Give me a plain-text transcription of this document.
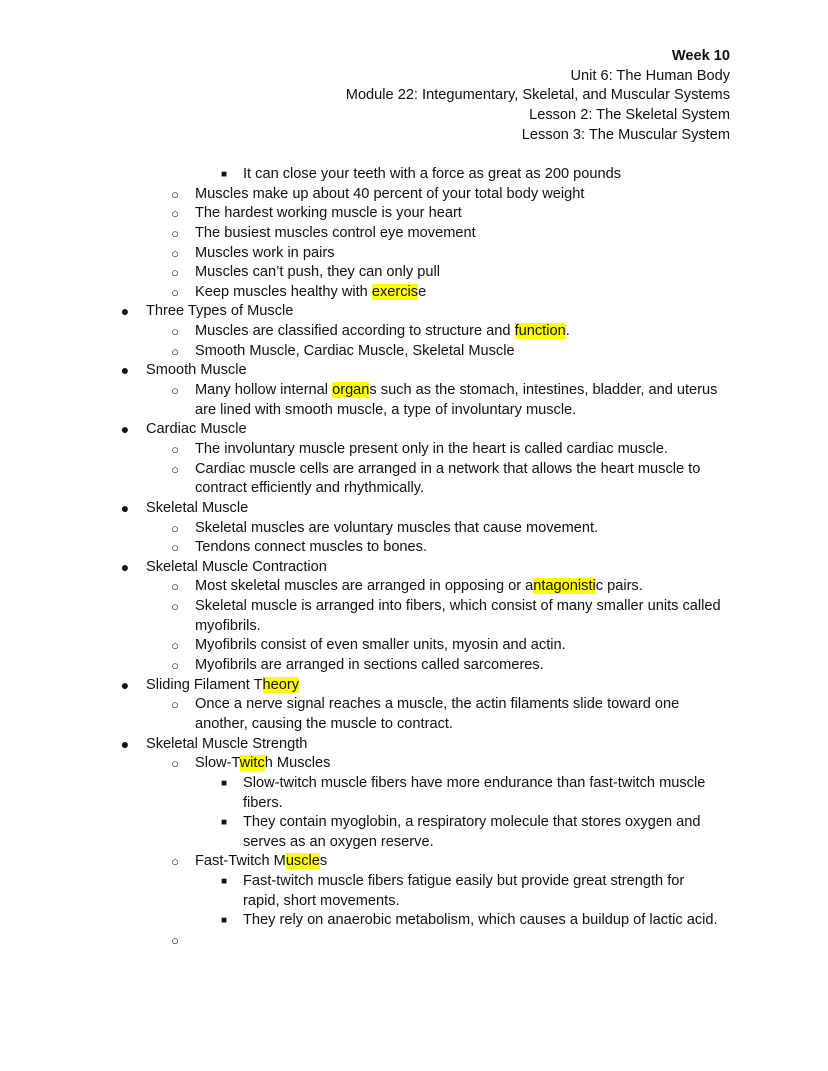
Week 10
Unit 6: The Human Body
Module 22: Integumentary, Skeletal, and Muscular Systems
Lesson 2: The Skeletal System
Lesson 3: The Muscular System
■ It can close your teeth with a force as great as 200 pounds
○ Muscles make up about 40 percent of your total body weight
○ The hardest working muscle is your heart
○ The busiest muscles control eye movement
○ Muscles work in pairs
○ Muscles can’t push, they can only pull
○ Keep muscles healthy with exercise
● Three Types of Muscle
○ Muscles are classified according to structure and function.
○ Smooth Muscle, Cardiac Muscle, Skeletal Muscle
● Smooth Muscle
○ Many hollow internal organs such as the stomach, intestines, bladder, and uterus
are lined with smooth muscle, a type of involuntary muscle.
● Cardiac Muscle
○ The involuntary muscle present only in the heart is called cardiac muscle.
○ Cardiac muscle cells are arranged in a network that allows the heart muscle to
contract efficiently and rhythmically.
● Skeletal Muscle
○ Skeletal muscles are voluntary muscles that cause movement.
○ Tendons connect muscles to bones.
● Skeletal Muscle Contraction
○ Most skeletal muscles are arranged in opposing or antagonistic pairs.
○ Skeletal muscle is arranged into fibers, which consist of many smaller units called
myofibrils.
○ Myofibrils consist of even smaller units, myosin and actin.
○ Myofibrils are arranged in sections called sarcomeres.
● Sliding Filament Theory
○ Once a nerve signal reaches a muscle, the actin filaments slide toward one
another, causing the muscle to contract.
● Skeletal Muscle Strength
○ Slow-Twitch Muscles
■ Slow-twitch muscle fibers have more endurance than fast-twitch muscle
fibers.
■ They contain myoglobin, a respiratory molecule that stores oxygen and
serves as an oxygen reserve.
○ Fast-Twitch Muscles
■ Fast-twitch muscle fibers fatigue easily but provide great strength for
rapid, short movements.
■ They rely on anaerobic metabolism, which causes a buildup of lactic acid.
○
